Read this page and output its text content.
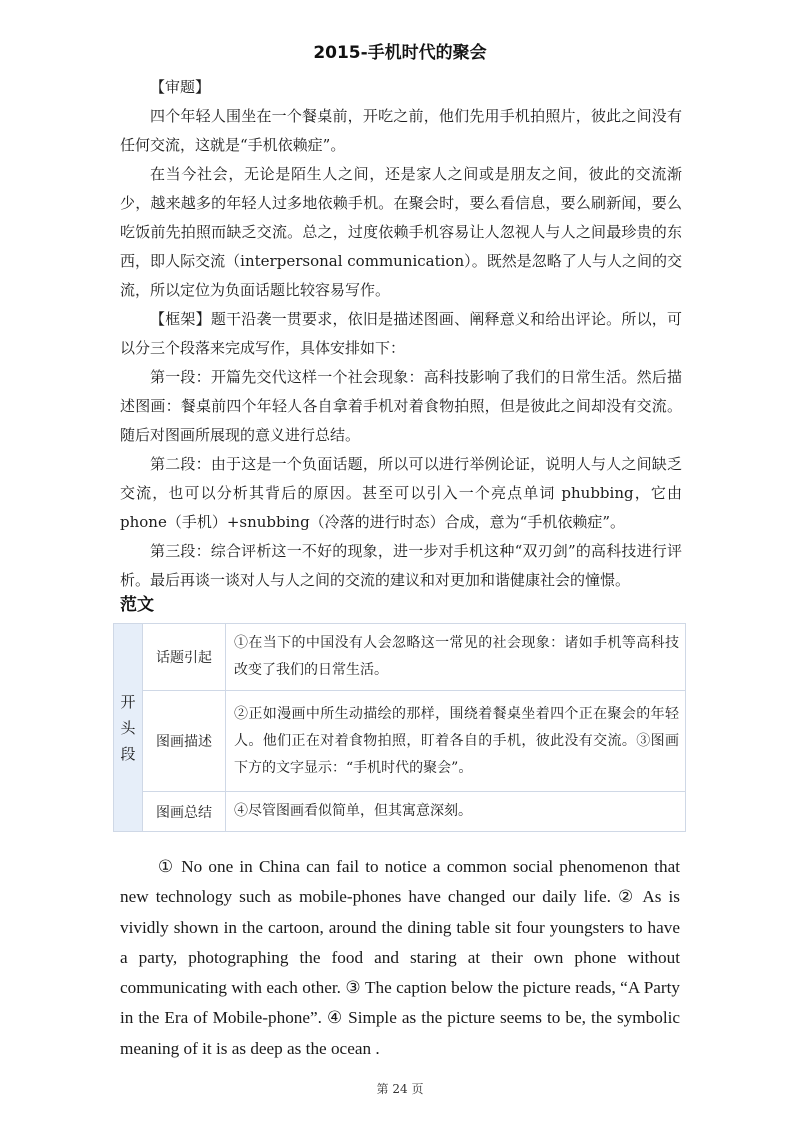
2015-手机时代的聚会

【审题】

四个年轻人围坐在一个餐桌前，开吃之前，他们先用手机拍照片，彼此之间没有任何交流，这就是“手机依赖症”。

在当今社会，无论是陌生人之间，还是家人之间或是朋友之间，彼此的交流渐少，越来越多的年轻人过多地依赖手机。在聚会时，要么看信息，要么刷新闻，要么吃饭前先拍照而缺乏交流。总之，过度依赖手机容易让人忽视人与人之间最珍贵的东西，即人际交流（interpersonal communication）。既然是忽略了人与人之间的交流，所以定位为负面话题比较容易写作。

【框架】题干沿袭一贯要求，依旧是描述图画、阐释意义和给出评论。所以，可以分三个段落来完成写作，具体安排如下：

第一段：开篇先交代这样一个社会现象：高科技影响了我们的日常生活。然后描述图画：餐桌前四个年轻人各自拿着手机对着食物拍照，但是彼此之间却没有交流。随后对图画所展现的意义进行总结。

第二段：由于这是一个负面话题，所以可以进行举例论证，说明人与人之间缺乏交流，也可以分析其背后的原因。甚至可以引入一个亮点单词 phubbing，它由 phone（手机）+snubbing（冷落的进行时态）合成，意为“手机依赖症”。

第三段：综合评析这一不好的现象，进一步对手机这种“双刃剑”的高科技进行评析。最后再谈一谈对人与人之间的交流的建议和对更加和谐健康社会的憧憬。

范文
开
头
段	话题引起	①在当下的中国没有人会忽略这一常见的社会现象：诸如手机等高科技改变了我们的日常生活。
	图画描述	②正如漫画中所生动描绘的那样，围绕着餐桌坐着四个正在聚会的年轻人。他们正在对着食物拍照，盯着各自的手机，彼此没有交流。③图画下方的文字显示：“手机时代的聚会”。
	图画总结	④尽管图画看似简单，但其寓意深刻。

① No one in China can fail to notice a common social phenomenon that new technology such as mobile-phones have changed our daily life. ② As is vividly shown in the cartoon, around the dining table sit four youngsters to have a party, photographing the food and staring at their own phone without communicating with each other. ③ The caption below the picture reads, “A Party in the Era of Mobile-phone”. ④ Simple as the picture seems to be, the symbolic meaning of it is as deep as the ocean .

第 24 页
